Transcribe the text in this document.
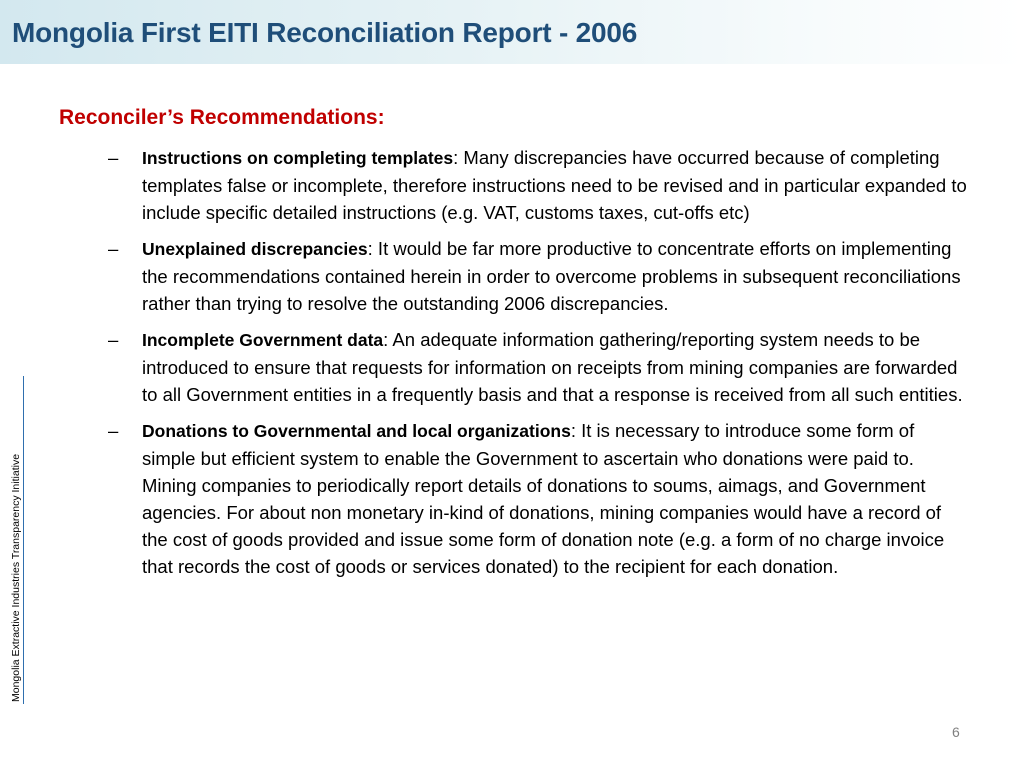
Mongolia First EITI Reconciliation Report - 2006
Mongolia Extractive Industries Transparency Initiative
Reconciler’s Recommendations:
– Instructions on completing templates: Many discrepancies have occurred because of completing templates false or incomplete, therefore instructions need to be revised and in particular expanded to include specific detailed instructions (e.g. VAT, customs taxes, cut-offs etc)
– Unexplained discrepancies: It would be far more productive to concentrate efforts on implementing the recommendations contained herein in order to overcome problems in subsequent reconciliations rather than trying to resolve the outstanding 2006 discrepancies.
– Incomplete Government data: An adequate information gathering/reporting system needs to be introduced to ensure that requests for information on receipts from mining companies are forwarded to all Government entities in a frequently basis and that a response is received from all such entities.
– Donations to Governmental and local organizations: It is necessary to introduce some form of simple but efficient system to enable the Government to ascertain who donations were paid to. Mining companies to periodically report details of donations to soums, aimags, and Government agencies. For about non monetary in-kind of donations, mining companies would have a record of the cost of goods provided and issue some form of donation note (e.g. a form of no charge invoice that records the cost of goods or services donated) to the recipient for each donation.
6
